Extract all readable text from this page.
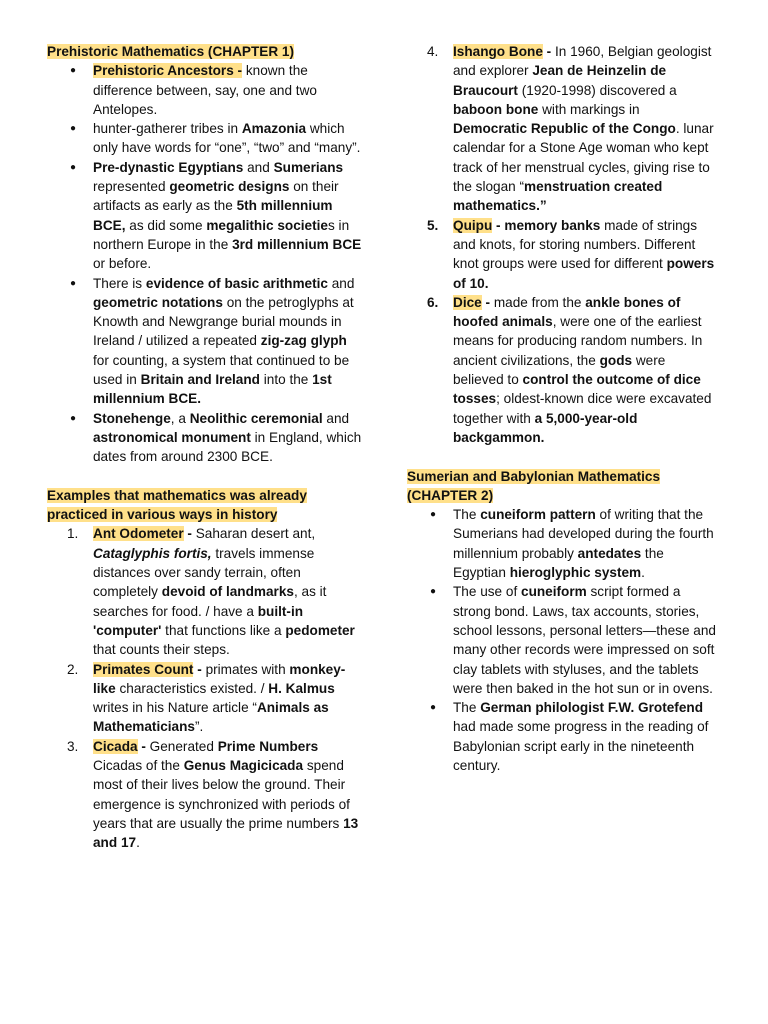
Prehistoric Mathematics (CHAPTER 1)

● Prehistoric Ancestors - known the difference between, say, one and two Antelopes.
● hunter-gatherer tribes in Amazonia which only have words for “one”, “two” and “many”.
● Pre-dynastic Egyptians and Sumerians represented geometric designs on their artifacts as early as the 5th millennium BCE, as did some megalithic societies in northern Europe in the 3rd millennium BCE or before.
● There is evidence of basic arithmetic and geometric notations on the petroglyphs at Knowth and Newgrange burial mounds in Ireland / utilized a repeated zig-zag glyph for counting, a system that continued to be used in Britain and Ireland into the 1st millennium BCE.
● Stonehenge, a Neolithic ceremonial and astronomical monument in England, which dates from around 2300 BCE.

Examples that mathematics was already practiced in various ways in history

1. Ant Odometer - Saharan desert ant, Cataglyphis fortis, travels immense distances over sandy terrain, often completely devoid of landmarks, as it searches for food. / have a built-in 'computer' that functions like a pedometer that counts their steps.
2. Primates Count - primates with monkey-like characteristics existed. / H. Kalmus writes in his Nature article “Animals as Mathematicians”.
3. Cicada - Generated Prime Numbers Cicadas of the Genus Magicicada spend most of their lives below the ground. Their emergence is synchronized with periods of years that are usually the prime numbers 13 and 17.
4. Ishango Bone - In 1960, Belgian geologist and explorer Jean de Heinzelin de Braucourt (1920-1998) discovered a baboon bone with markings in Democratic Republic of the Congo. lunar calendar for a Stone Age woman who kept track of her menstrual cycles, giving rise to the slogan “menstruation created mathematics.”
5. Quipu - memory banks made of strings and knots, for storing numbers. Different knot groups were used for different powers of 10.
6. Dice - made from the ankle bones of hoofed animals, were one of the earliest means for producing random numbers. In ancient civilizations, the gods were believed to control the outcome of dice tosses; oldest-known dice were excavated together with a 5,000-year-old backgammon.

Sumerian and Babylonian Mathematics (CHAPTER 2)

● The cuneiform pattern of writing that the Sumerians had developed during the fourth millennium probably antedates the Egyptian hieroglyphic system.
● The use of cuneiform script formed a strong bond. Laws, tax accounts, stories, school lessons, personal letters—these and many other records were impressed on soft clay tablets with styluses, and the tablets were then baked in the hot sun or in ovens.
● The German philologist F.W. Grotefend had made some progress in the reading of Babylonian script early in the nineteenth century.
